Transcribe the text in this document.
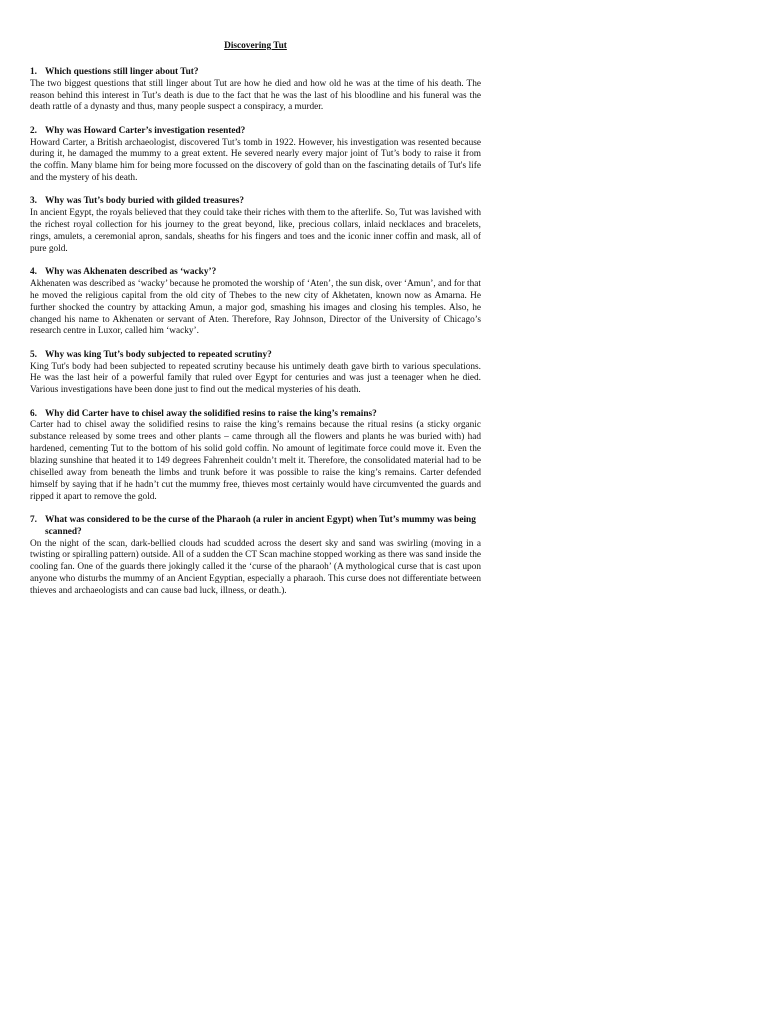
Discovering Tut
1. Which questions still linger about Tut?

The two biggest questions that still linger about Tut are how he died and how old he was at the time of his death. The reason behind this interest in Tut’s death is due to the fact that he was the last of his bloodline and his funeral was the death rattle of a dynasty and thus, many people suspect a conspiracy, a murder.

2. Why was Howard Carter’s investigation resented?

Howard Carter, a British archaeologist, discovered Tut’s tomb in 1922. However, his investigation was resented because during it, he damaged the mummy to a great extent. He severed nearly every major joint of Tut’s body to raise it from the coffin. Many blame him for being more focussed on the discovery of gold than on the fascinating details of Tut's life and the mystery of his death.

3. Why was Tut’s body buried with gilded treasures?

In ancient Egypt, the royals believed that they could take their riches with them to the afterlife. So, Tut was lavished with the richest royal collection for his journey to the great beyond, like, precious collars, inlaid necklaces and bracelets, rings, amulets, a ceremonial apron, sandals, sheaths for his fingers and toes and the iconic inner coffin and mask, all of pure gold.

4. Why was Akhenaten described as ‘wacky’?

Akhenaten was described as ‘wacky’ because he promoted the worship of ‘Aten’, the sun disk, over ‘Amun’, and for that he moved the religious capital from the old city of Thebes to the new city of Akhetaten, known now as Amarna. He further shocked the country by attacking Amun, a major god, smashing his images and closing his temples. Also, he changed his name to Akhenaten or servant of Aten. Therefore, Ray Johnson, Director of the University of Chicago’s research centre in Luxor, called him ‘wacky’.

5. Why was king Tut’s body subjected to repeated scrutiny?

King Tut's body had been subjected to repeated scrutiny because his untimely death gave birth to various speculations. He was the last heir of a powerful family that ruled over Egypt for centuries and was just a teenager when he died. Various investigations have been done just to find out the medical mysteries of his death.

6. Why did Carter have to chisel away the solidified resins to raise the king’s remains?

Carter had to chisel away the solidified resins to raise the king’s remains because the ritual resins (a sticky organic substance released by some trees and other plants – came through all the flowers and plants he was buried with) had hardened, cementing Tut to the bottom of his solid gold coffin. No amount of legitimate force could move it. Even the blazing sunshine that heated it to 149 degrees Fahrenheit couldn’t melt it. Therefore, the consolidated material had to be chiselled away from beneath the limbs and trunk before it was possible to raise the king’s remains. Carter defended himself by saying that if he hadn’t cut the mummy free, thieves most certainly would have circumvented the guards and ripped it apart to remove the gold.

7. What was considered to be the curse of the Pharaoh (a ruler in ancient Egypt) when Tut’s mummy was being scanned?

On the night of the scan, dark-bellied clouds had scudded across the desert sky and sand was swirling (moving in a twisting or spiralling pattern) outside. All of a sudden the CT Scan machine stopped working as there was sand inside the cooling fan. One of the guards there jokingly called it the ‘curse of the pharaoh’ (A mythological curse that is cast upon anyone who disturbs the mummy of an Ancient Egyptian, especially a pharaoh. This curse does not differentiate between thieves and archaeologists and can cause bad luck, illness, or death.).
